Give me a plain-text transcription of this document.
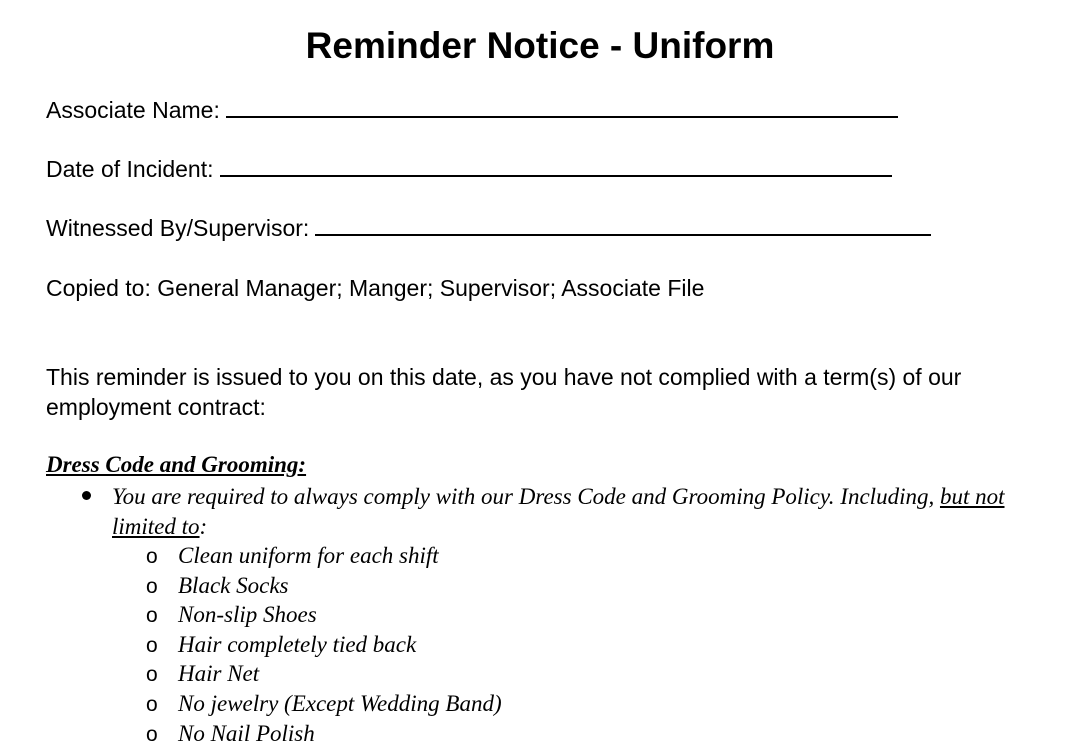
Reminder Notice - Uniform
Associate Name:
Date of Incident:
Witnessed By/Supervisor:
Copied to: General Manager; Manger; Supervisor; Associate File
This reminder is issued to you on this date, as you have not complied with a term(s) of our employment contract:
Dress Code and Grooming:
You are required to always comply with our Dress Code and Grooming Policy. Including, but not limited to:
o Clean uniform for each shift
o Black Socks
o Non-slip Shoes
o Hair completely tied back
o Hair Net
o No jewelry (Except Wedding Band)
o No Nail Polish
